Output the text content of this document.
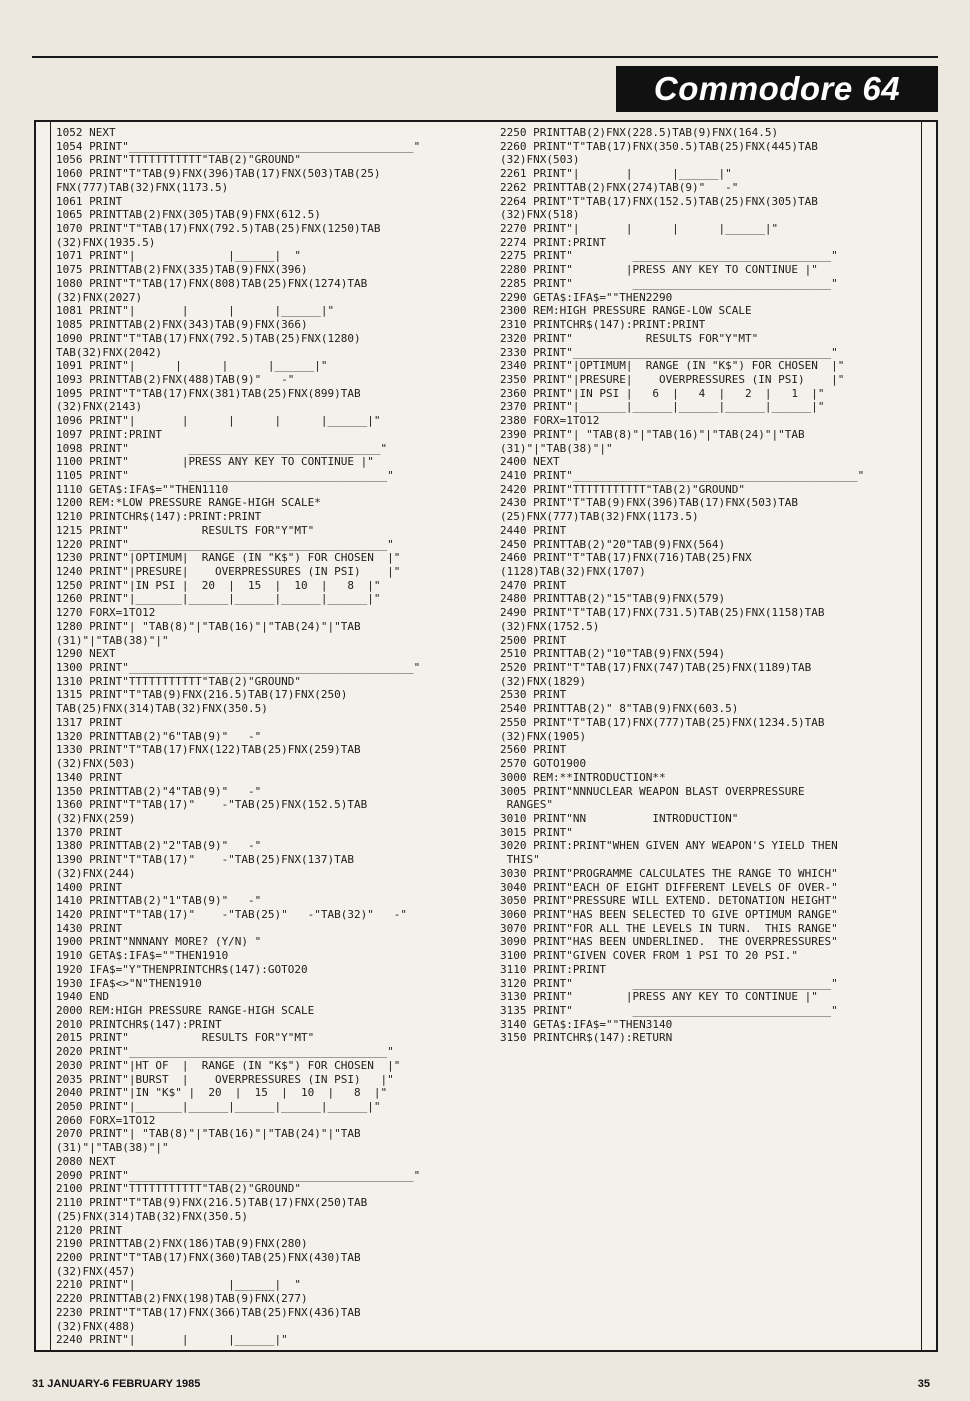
Commodore 64
1052 NEXT
1054 PRINT"___________________________________________"
1056 PRINT"TTTTTTTTTTT"TAB(2)"GROUND"
1060 PRINT"T"TAB(9)FNX(396)TAB(17)FNX(503)TAB(25)
FNX(777)TAB(32)FNX(1173.5)
1061 PRINT
1065 PRINTTAB(2)FNX(305)TAB(9)FNX(612.5)
1070 PRINT"T"TAB(17)FNX(792.5)TAB(25)FNX(1250)TAB
(32)FNX(1935.5)
1071 PRINT"|              |______|  "
1075 PRINTTAB(2)FNX(335)TAB(9)FNX(396)
1080 PRINT"T"TAB(17)FNX(808)TAB(25)FNX(1274)TAB
(32)FNX(2027)
1081 PRINT"|       |      |      |______|"
1085 PRINTTAB(2)FNX(343)TAB(9)FNX(366)
1090 PRINT"T"TAB(17)FNX(792.5)TAB(25)FNX(1280)
TAB(32)FNX(2042)
1091 PRINT"|      |      |      |______|"
1093 PRINTTAB(2)FNX(488)TAB(9)"   -"
1095 PRINT"T"TAB(17)FNX(381)TAB(25)FNX(899)TAB
(32)FNX(2143)
1096 PRINT"|       |      |      |      |______|"
1097 PRINT:PRINT
1098 PRINT"         _____________________________"
1100 PRINT"        |PRESS ANY KEY TO CONTINUE |"
1105 PRINT"         ______________________________"
1110 GETA$:IFA$=""THEN1110
1200 REM:*LOW PRESSURE RANGE-HIGH SCALE*
1210 PRINTCHR$(147):PRINT:PRINT
1215 PRINT"           RESULTS FOR"Y"MT"
1220 PRINT"_______________________________________"
1230 PRINT"|OPTIMUM|  RANGE (IN "K$") FOR CHOSEN  |"
1240 PRINT"|PRESURE|    OVERPRESSURES (IN PSI)    |"
1250 PRINT"|IN PSI |  20  |  15  |  10  |   8  |"
1260 PRINT"|_______|______|______|______|______|"
1270 FORX=1TO12
1280 PRINT"| "TAB(8)"|"TAB(16)"|"TAB(24)"|"TAB
(31)"|"TAB(38)"|"
1290 NEXT
1300 PRINT"___________________________________________"
1310 PRINT"TTTTTTTTTTT"TAB(2)"GROUND"
1315 PRINT"T"TAB(9)FNX(216.5)TAB(17)FNX(250)
TAB(25)FNX(314)TAB(32)FNX(350.5)
1317 PRINT
1320 PRINTTAB(2)"6"TAB(9)"   -"
1330 PRINT"T"TAB(17)FNX(122)TAB(25)FNX(259)TAB
(32)FNX(503)
1340 PRINT
1350 PRINTTAB(2)"4"TAB(9)"   -"
1360 PRINT"T"TAB(17)"    -"TAB(25)FNX(152.5)TAB
(32)FNX(259)
1370 PRINT
1380 PRINTTAB(2)"2"TAB(9)"   -"
1390 PRINT"T"TAB(17)"    -"TAB(25)FNX(137)TAB
(32)FNX(244)
1400 PRINT
1410 PRINTTAB(2)"1"TAB(9)"   -"
1420 PRINT"T"TAB(17)"    -"TAB(25)"   -"TAB(32)"   -"
1430 PRINT
1900 PRINT"NNNANY MORE? (Y/N) "
1910 GETA$:IFA$=""THEN1910
1920 IFA$="Y"THENPRINTCHR$(147):GOTO20
1930 IFA$<>"N"THEN1910
1940 END
2000 REM:HIGH PRESSURE RANGE-HIGH SCALE
2010 PRINTCHR$(147):PRINT
2015 PRINT"           RESULTS FOR"Y"MT"
2020 PRINT"_______________________________________"
2030 PRINT"|HT OF  |  RANGE (IN "K$") FOR CHOSEN  |"
2035 PRINT"|BURST  |    OVERPRESSURES (IN PSI)   |"
2040 PRINT"|IN "K$" |  20  |  15  |  10  |   8  |"
2050 PRINT"|_______|______|______|______|______|"
2060 FORX=1TO12
2070 PRINT"| "TAB(8)"|"TAB(16)"|"TAB(24)"|"TAB
(31)"|"TAB(38)"|"
2080 NEXT
2090 PRINT"___________________________________________"
2100 PRINT"TTTTTTTTTTT"TAB(2)"GROUND"
2110 PRINT"T"TAB(9)FNX(216.5)TAB(17)FNX(250)TAB
(25)FNX(314)TAB(32)FNX(350.5)
2120 PRINT
2190 PRINTTAB(2)FNX(186)TAB(9)FNX(280)
2200 PRINT"T"TAB(17)FNX(360)TAB(25)FNX(430)TAB
(32)FNX(457)
2210 PRINT"|              |______|  "
2220 PRINTTAB(2)FNX(198)TAB(9)FNX(277)
2230 PRINT"T"TAB(17)FNX(366)TAB(25)FNX(436)TAB
(32)FNX(488)
2240 PRINT"|       |      |______|"
2250 PRINTTAB(2)FNX(228.5)TAB(9)FNX(164.5)
2260 PRINT"T"TAB(17)FNX(350.5)TAB(25)FNX(445)TAB
(32)FNX(503)
2261 PRINT"|       |      |______|"
2262 PRINTTAB(2)FNX(274)TAB(9)"   -"
2264 PRINT"T"TAB(17)FNX(152.5)TAB(25)FNX(305)TAB
(32)FNX(518)
2270 PRINT"|       |      |      |______|"
2274 PRINT:PRINT
2275 PRINT"         ______________________________"
2280 PRINT"        |PRESS ANY KEY TO CONTINUE |"
2285 PRINT"         ______________________________"
2290 GETA$:IFA$=""THEN2290
2300 REM:HIGH PRESSURE RANGE-LOW SCALE
2310 PRINTCHR$(147):PRINT:PRINT
2320 PRINT"           RESULTS FOR"Y"MT"
2330 PRINT"_______________________________________"
2340 PRINT"|OPTIMUM|  RANGE (IN "K$") FOR CHOSEN  |"
2350 PRINT"|PRESURE|    OVERPRESSURES (IN PSI)    |"
2360 PRINT"|IN PSI |   6  |   4  |   2  |   1  |"
2370 PRINT"|_______|______|______|______|______|"
2380 FORX=1TO12
2390 PRINT"| "TAB(8)"|"TAB(16)"|"TAB(24)"|"TAB
(31)"|"TAB(38)"|"
2400 NEXT
2410 PRINT"___________________________________________"
2420 PRINT"TTTTTTTTTTT"TAB(2)"GROUND"
2430 PRINT"T"TAB(9)FNX(396)TAB(17)FNX(503)TAB
(25)FNX(777)TAB(32)FNX(1173.5)
2440 PRINT
2450 PRINTTAB(2)"20"TAB(9)FNX(564)
2460 PRINT"T"TAB(17)FNX(716)TAB(25)FNX
(1128)TAB(32)FNX(1707)
2470 PRINT
2480 PRINTTAB(2)"15"TAB(9)FNX(579)
2490 PRINT"T"TAB(17)FNX(731.5)TAB(25)FNX(1158)TAB
(32)FNX(1752.5)
2500 PRINT
2510 PRINTTAB(2)"10"TAB(9)FNX(594)
2520 PRINT"T"TAB(17)FNX(747)TAB(25)FNX(1189)TAB
(32)FNX(1829)
2530 PRINT
2540 PRINTTAB(2)" 8"TAB(9)FNX(603.5)
2550 PRINT"T"TAB(17)FNX(777)TAB(25)FNX(1234.5)TAB
(32)FNX(1905)
2560 PRINT
2570 GOTO1900
3000 REM:**INTRODUCTION**
3005 PRINT"NNNUCLEAR WEAPON BLAST OVERPRESSURE
RANGES"
3010 PRINT"NN          INTRODUCTION"
3015 PRINT"
3020 PRINT:PRINT"WHEN GIVEN ANY WEAPON'S YIELD THEN
THIS"
3030 PRINT"PROGRAMME CALCULATES THE RANGE TO WHICH"
3040 PRINT"EACH OF EIGHT DIFFERENT LEVELS OF OVER-"
3050 PRINT"PRESSURE WILL EXTEND. DETONATION HEIGHT"
3060 PRINT"HAS BEEN SELECTED TO GIVE OPTIMUM RANGE"
3070 PRINT"FOR ALL THE LEVELS IN TURN.  THIS RANGE"
3090 PRINT"HAS BEEN UNDERLINED.  THE OVERPRESSURES"
3100 PRINT"GIVEN COVER FROM 1 PSI TO 20 PSI."
3110 PRINT:PRINT
3120 PRINT"         ______________________________"
3130 PRINT"        |PRESS ANY KEY TO CONTINUE |"
3135 PRINT"         ______________________________"
3140 GETA$:IFA$=""THEN3140
3150 PRINTCHR$(147):RETURN
31 JANUARY-6 FEBRUARY 1985	35
